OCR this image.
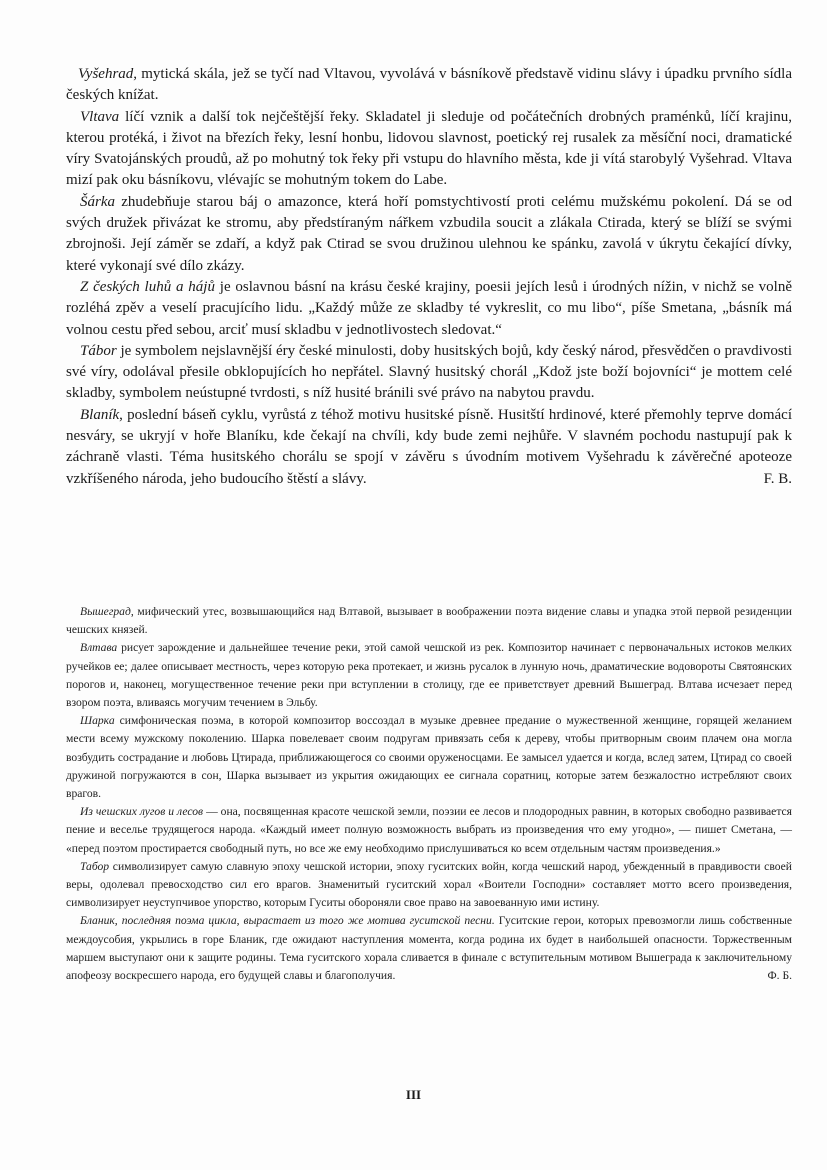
Vyšehrad, mytická skála, jež se tyčí nad Vltavou, vyvolává v básníkově představě vidinu slávy i úpadku prvního sídla českých knížat.

Vltava líčí vznik a další tok nejčeštější řeky. Skladatel ji sleduje od počátečních drobných praménků, líčí krajinu, kterou protéká, i život na březích řeky, lesní honbu, lidovou slavnost, poetický rej rusalek za měsíční noci, dramatické víry Svatojánských proudů, až po mohutný tok řeky při vstupu do hlavního města, kde ji vítá starobylý Vyšehrad. Vltava mizí pak oku básníkovu, vlévajíc se mohutným tokem do Labe.

Šárka zhudebňuje starou báj o amazonce, která hoří pomstychtivostí proti celému mužskému pokolení. Dá se od svých družek přivázat ke stromu, aby předstíraným nářkem vzbudila soucit a zlákala Ctirada, který se blíží se svými zbrojnoši. Její záměr se zdaří, a když pak Ctirad se svou družinou ulehnou ke spánku, zavolá v úkrytu čekající dívky, které vykonají své dílo zkázy.

Z českých luhů a hájů je oslavnou básní na krásu české krajiny, poesii jejích lesů i úrodných nížin, v nichž se volně rozléhá zpěv a veselí pracujícího lidu. „Každý může ze skladby té vykreslit, co mu libo“, píše Smetana, „básník má volnou cestu před sebou, arciť musí skladbu v jednotlivostech sledovat.“

Tábor je symbolem nejslavnější éry české minulosti, doby husitských bojů, kdy český národ, přesvědčen o pravdivosti své víry, odolával přesile obklopujících ho nepřátel. Slavný husitský chorál „Kdož jste boží bojovníci“ je mottem celé skladby, symbolem neústupné tvrdosti, s níž husité bránili své právo na nabytou pravdu.

Blaník, poslední báseň cyklu, vyrůstá z téhož motivu husitské písně. Husitští hrdinové, které přemohly teprve domácí nesváry, se ukryjí v hoře Blaníku, kde čekají na chvíli, kdy bude zemi nejhůře. V slavném pochodu nastupují pak k záchraně vlasti. Téma husitského chorálu se spojí v závěru s úvodním motivem Vyšehradu k závěrečné apoteoze vzkříšeného národa, jeho budoucího štěstí a slávy.	F. B.

Вышеград, мифический утес, возвышающийся над Влтавой, вызывает в воображении поэта видение славы и упадка этой первой резиденции чешских князей.

Влтава рисует зарождение и дальнейшее течение реки, этой самой чешской из рек. Композитор начинает с первоначальных истоков мелких ручейков ее; далее описывает местность, через которую река протекает, и жизнь русалок в лунную ночь, драматические водовороты Святоянских порогов и, наконец, могущественное течение реки при вступлении в столицу, где ее приветствует древний Вышеград. Влтава исчезает перед взором поэта, вливаясь могучим течением в Эльбу.

Шарка симфоническая поэма, в которой композитор воссоздал в музыке древнее предание о мужественной женщине, горящей желанием мести всему мужскому поколению. Шарка повелевает своим подругам привязать себя к дереву, чтобы притворным своим плачем она могла возбудить сострадание и любовь Цтирада, приближающегося со своими оруженосцами. Ее замысел удается и когда, вслед затем, Цтирад со своей дружиной погружаются в сон, Шарка вызывает из укрытия ожидающих ее сигнала соратниц, которые затем безжалостно истребляют своих врагов.

Из чешских лугов и лесов — она, посвященная красоте чешской земли, поэзии ее лесов и плодородных равнин, в которых свободно развивается пение и веселье трудящегося народа. «Каждый имеет полную возможность выбрать из произведения что ему угодно», — пишет Сметана, — «перед поэтом простирается свободный путь, но все же ему необходимо прислушиваться ко всем отдельным частям произведения.»

Табор символизирует самую славную эпоху чешской истории, эпоху гуситских войн, когда чешский народ, убежденный в правдивости своей веры, одолевал превосходство сил его врагов. Знаменитый гуситский хорал «Воители Господни» составляет мотто всего произведения, символизирует неуступчивое упорство, которым Гуситы обороняли свое право на завоеванную ими истину.

Бланик, последняя поэма цикла, вырастает из того же мотива гуситской песни. Гуситские герои, которых превозмогли лишь собственные междоусобия, укрылись в горе Бланик, где ожидают наступления момента, когда родина их будет в наибольшей опасности. Торжественным маршем выступают они к защите родины. Тема гуситского хорала сливается в финале с вступительным мотивом Вышеграда к заключительному апофеозу воскресшего народа, его будущей славы и благополучия.	Ф. Б.

III
